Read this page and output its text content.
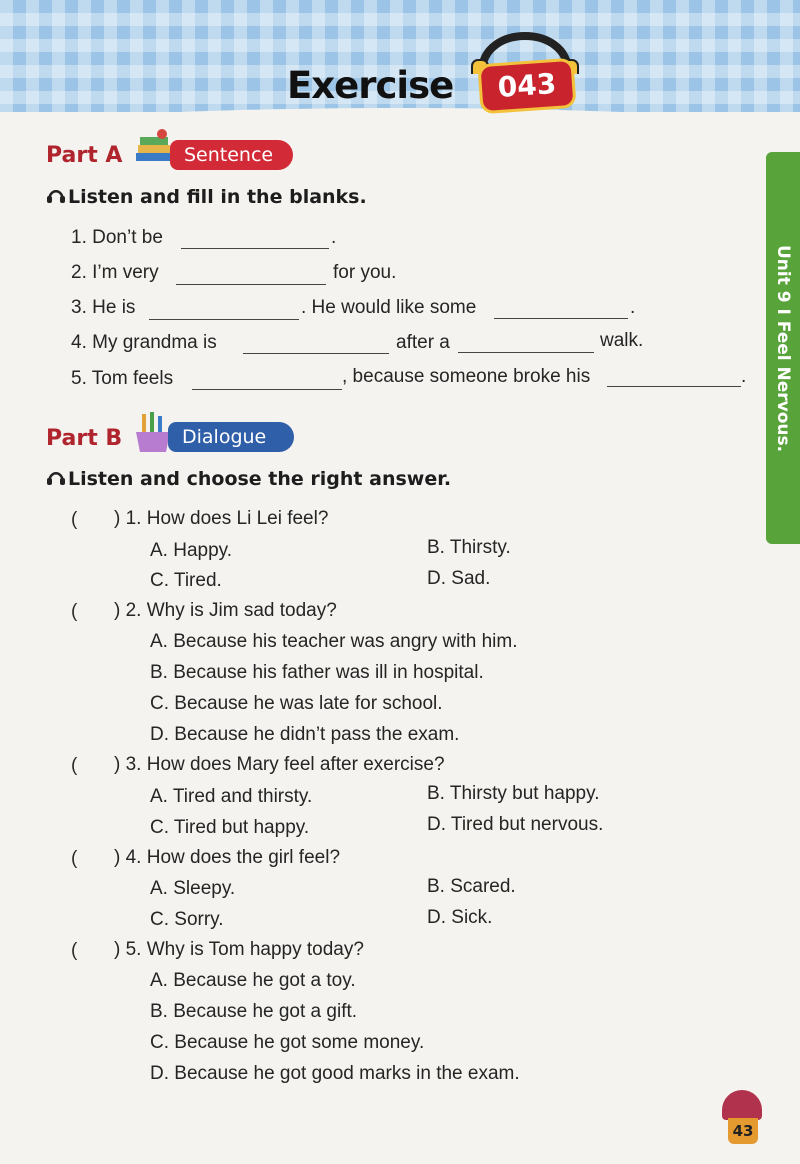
Exercise	043
Unit 9 I Feel Nervous.
Part A	Sentence
Listen and fill in the blanks.
1. Don’t be	.
2. I’m very	for you.
3. He is	. He would like some	.
4. My grandma is	after a	walk.
5. Tom feels	, because someone broke his	.
Part B	Dialogue
Listen and choose the right answer.
( ) 1. How does Li Lei feel?
A. Happy.	B. Thirsty.
C. Tired.	D. Sad.
( ) 2. Why is Jim sad today?
A. Because his teacher was angry with him.
B. Because his father was ill in hospital.
C. Because he was late for school.
D. Because he didn’t pass the exam.
( ) 3. How does Mary feel after exercise?
A. Tired and thirsty.	B. Thirsty but happy.
C. Tired but happy.	D. Tired but nervous.
( ) 4. How does the girl feel?
A. Sleepy.	B. Scared.
C. Sorry.	D. Sick.
( ) 5. Why is Tom happy today?
A. Because he got a toy.
B. Because he got a gift.
C. Because he got some money.
D. Because he got good marks in the exam.
43
